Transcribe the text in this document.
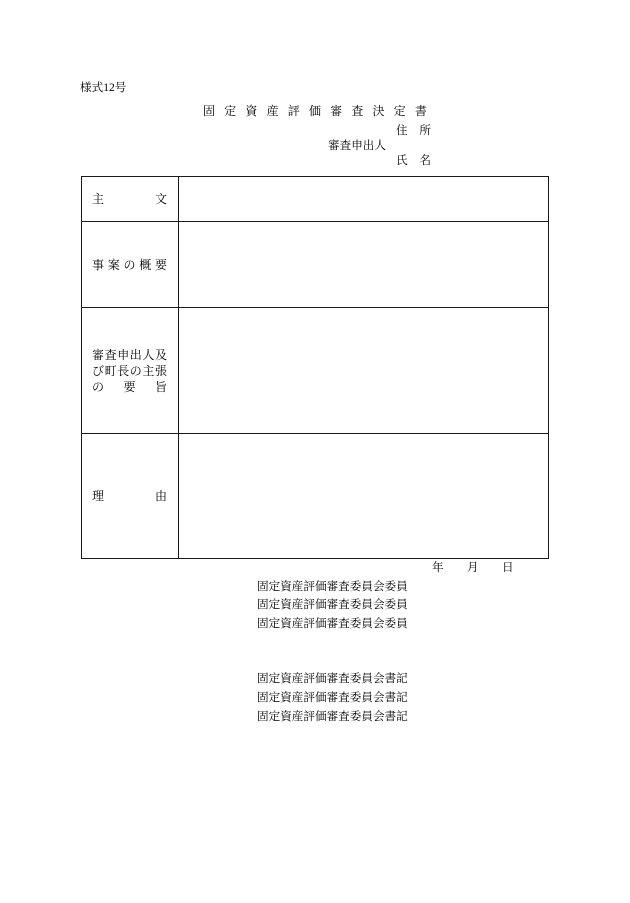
様式12号
固 定 資 産 評 価 審 査 決 定 書
住 所
審査申出人
氏 名
主	文
事 案 の 概 要
審 査 申 出 人 及
び 町 長 の 主 張
の 要 旨
理	由
年 月 日
固定資産評価審査委員会委員
固定資産評価審査委員会委員
固定資産評価審査委員会委員
固定資産評価審査委員会書記
固定資産評価審査委員会書記
固定資産評価審査委員会書記
